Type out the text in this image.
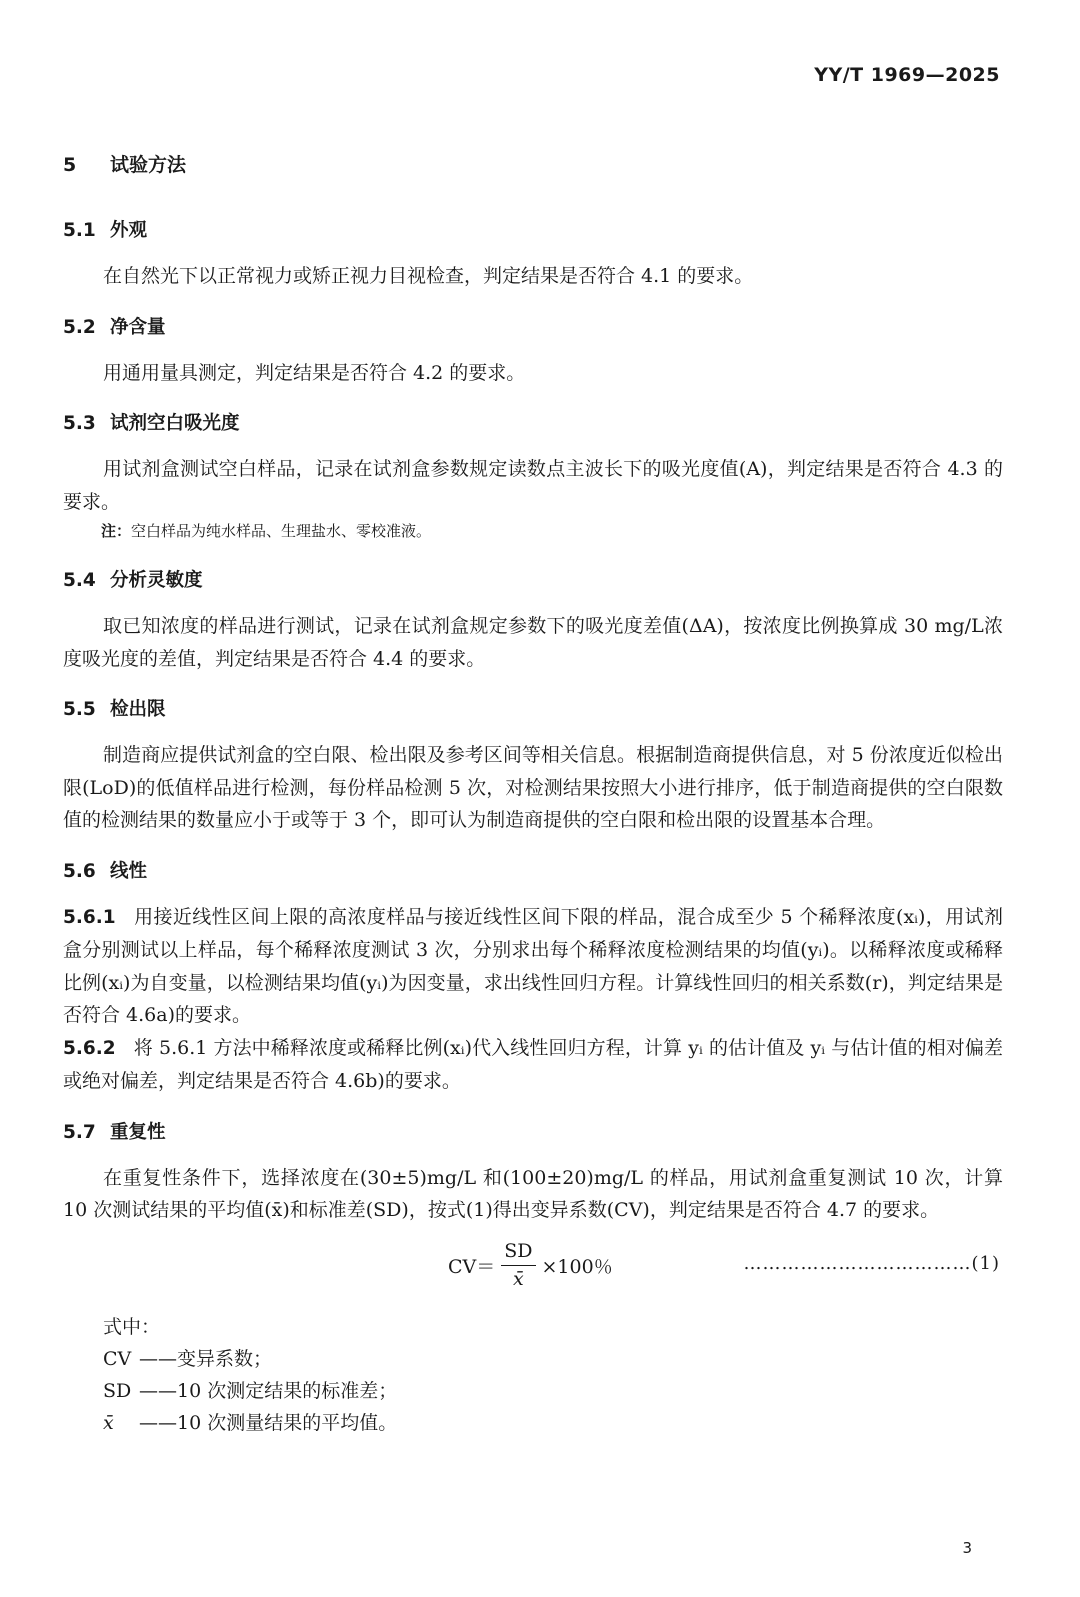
YY/T 1969—2025
5 试验方法
5.1 外观

在自然光下以正常视力或矫正视力目视检查，判定结果是否符合 4.1 的要求。

5.2 净含量

用通用量具测定，判定结果是否符合 4.2 的要求。

5.3 试剂空白吸光度

用试剂盒测试空白样品，记录在试剂盒参数规定读数点主波长下的吸光度值(A)，判定结果是否符合 4.3 的要求。

注：空白样品为纯水样品、生理盐水、零校准液。
5.4 分析灵敏度

取已知浓度的样品进行测试，记录在试剂盒规定参数下的吸光度差值(ΔA)，按浓度比例换算成 30 mg/L浓度吸光度的差值，判定结果是否符合 4.4 的要求。

5.5 检出限

制造商应提供试剂盒的空白限、检出限及参考区间等相关信息。根据制造商提供信息，对 5 份浓度近似检出限(LoD)的低值样品进行检测，每份样品检测 5 次，对检测结果按照大小进行排序，低于制造商提供的空白限数值的检测结果的数量应小于或等于 3 个，即可认为制造商提供的空白限和检出限的设置基本合理。

5.6 线性

5.6.1 用接近线性区间上限的高浓度样品与接近线性区间下限的样品，混合成至少 5 个稀释浓度(xᵢ)，用试剂盒分别测试以上样品，每个稀释浓度测试 3 次，分别求出每个稀释浓度检测结果的均值(yᵢ)。以稀释浓度或稀释比例(xᵢ)为自变量，以检测结果均值(yᵢ)为因变量，求出线性回归方程。计算线性回归的相关系数(r)，判定结果是否符合 4.6a)的要求。

5.6.2 将 5.6.1 方法中稀释浓度或稀释比例(xᵢ)代入线性回归方程，计算 yᵢ 的估计值及 yᵢ 与估计值的相对偏差或绝对偏差，判定结果是否符合 4.6b)的要求。

5.7 重复性

在重复性条件下，选择浓度在(30±5)mg/L 和(100±20)mg/L 的样品，用试剂盒重复测试 10 次，计算 10 次测试结果的平均值(x̄)和标准差(SD)，按式(1)得出变异系数(CV)，判定结果是否符合 4.7 的要求。

$CV= \frac{SD}{x̄} \times 100$％	………………………………(1)

式中：

CV ——变异系数；

SD ——10 次测定结果的标准差；

x̄ ——10 次测量结果的平均值。

3
